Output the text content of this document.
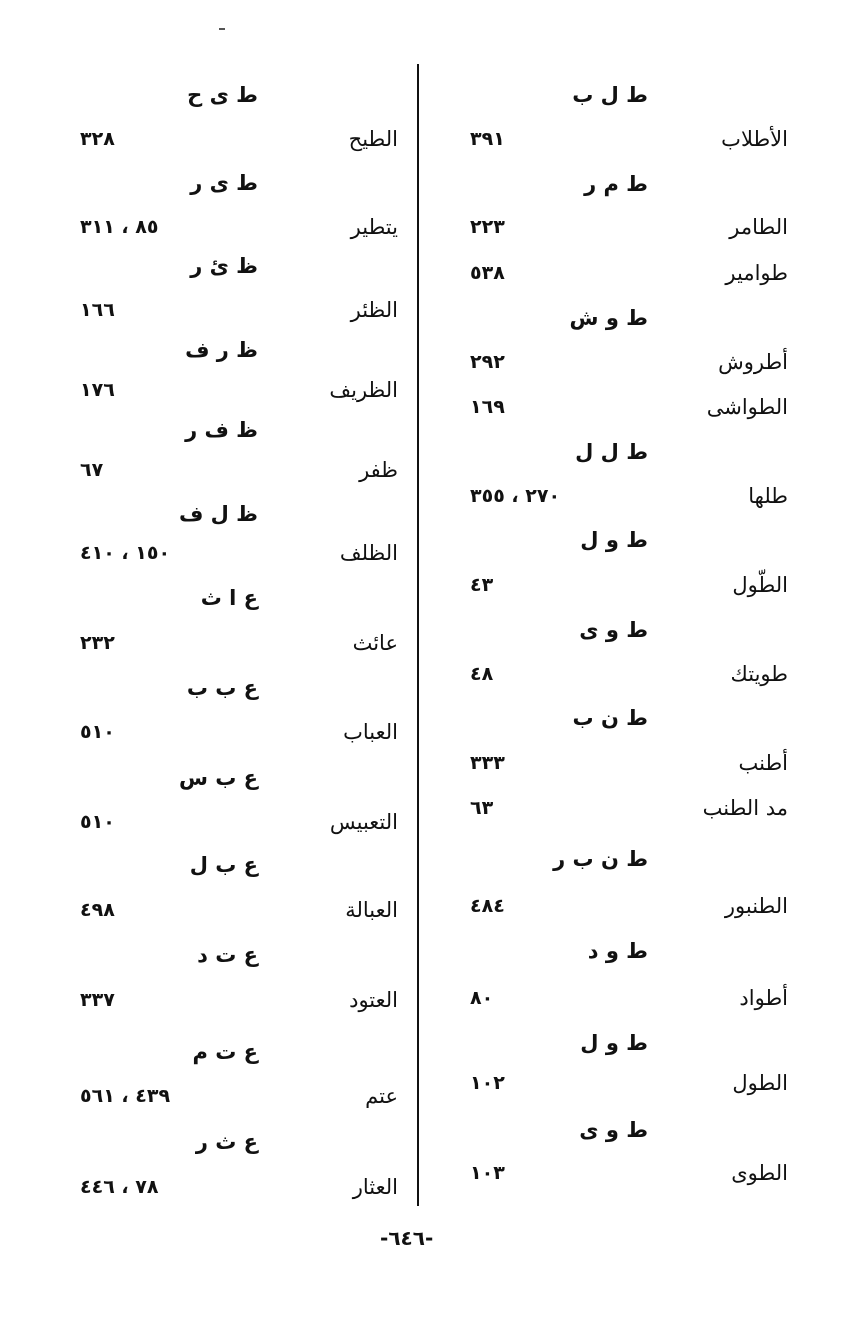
ط ل ب
الأطلاب
٣٩١
ط م ر
الطامر
٢٢٣
طوامير
٥٣٨
ط و ش
أطروش
٢٩٢
الطواشى
١٦٩
ط ل ل
طلها
٢٧٠ ، ٣٥٥
ط و ل
الطّول
٤٣
ط و ى
طويتك
٤٨
ط ن ب
أطنب
٣٣٣
مد الطنب
٦٣
ط ن ب ر
الطنبور
٤٨٤
ط و د
أطواد
٨٠
ط و ل
الطول
١٠٢
ط و ى
الطوى
١٠٣
ط ى ح
الطيح
٣٢٨
ط ى ر
يتطير
٨٥ ، ٣١١
ظ ئ ر
الظئر
١٦٦
ظ ر ف
الظريف
١٧٦
ظ ف ر
ظفر
٦٧
ظ ل ف
الظلف
١٥٠ ، ٤١٠
ع ا ث
عائث
٢٣٢
ع ب ب
العباب
٥١٠
ع ب س
التعبيس
٥١٠
ع ب ل
العبالة
٤٩٨
ع ت د
العتود
٣٣٧
ع ت م
عتم
٤٣٩ ، ٥٦١
ع ث ر
العثار
٧٨ ، ٤٤٦
-٦٤٦-
